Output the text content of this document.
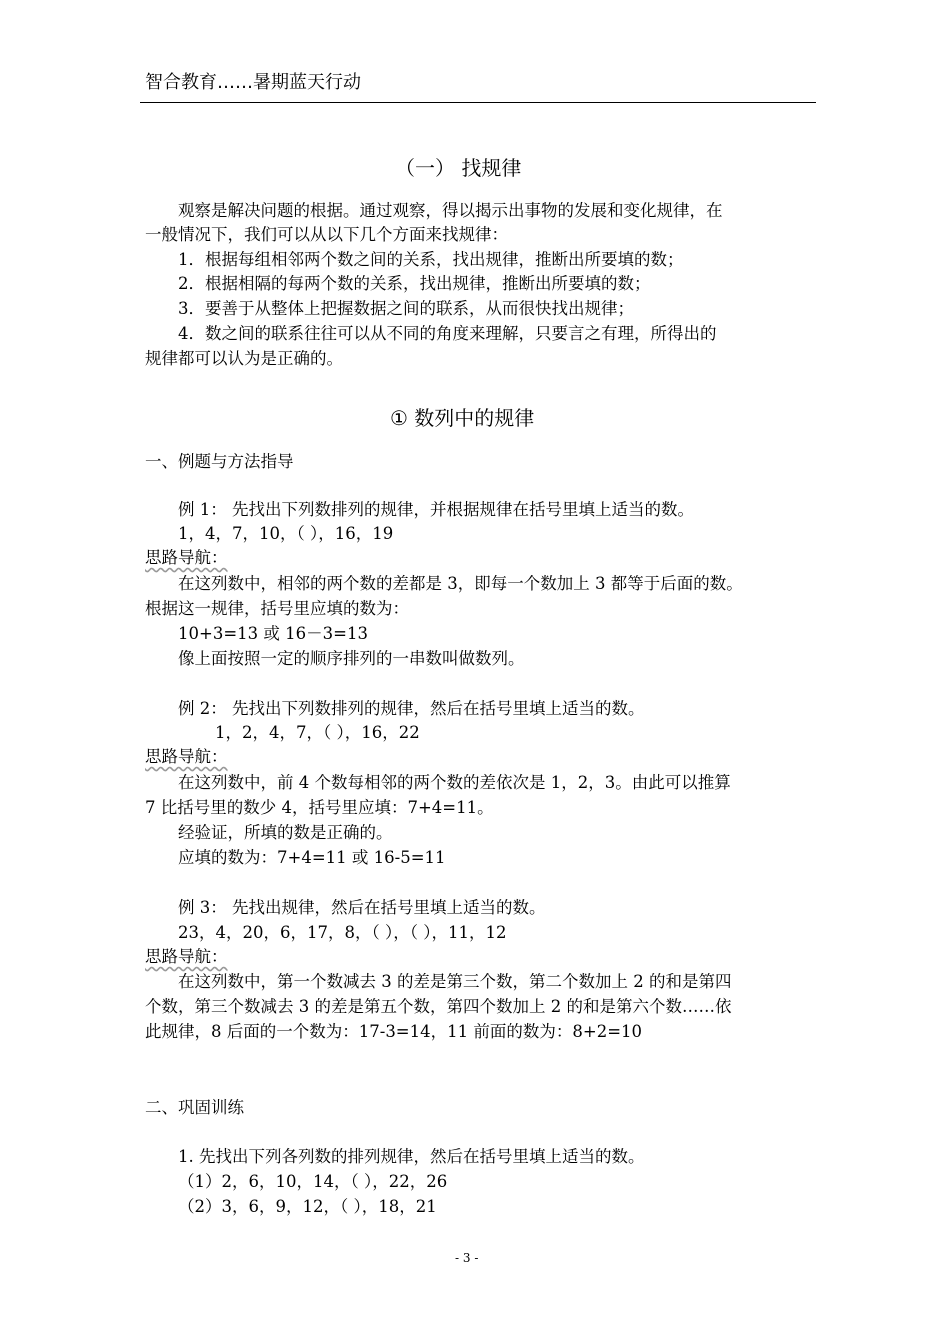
智合教育……暑期蓝天行动
（一） 找规律
观察是解决问题的根据。通过观察，得以揭示出事物的发展和变化规律，在
一般情况下，我们可以从以下几个方面来找规律：
1．根据每组相邻两个数之间的关系，找出规律，推断出所要填的数；
2．根据相隔的每两个数的关系，找出规律，推断出所要填的数；
3．要善于从整体上把握数据之间的联系，从而很快找出规律；
4．数之间的联系往往可以从不同的角度来理解，只要言之有理，所得出的
规律都可以认为是正确的。
① 数列中的规律
一、例题与方法指导
例 1： 先找出下列数排列的规律，并根据规律在括号里填上适当的数。
1，4，7，10，（ ），16，19
思路导航：
在这列数中，相邻的两个数的差都是 3，即每一个数加上 3 都等于后面的数。
根据这一规律，括号里应填的数为：
10+3=13 或 16－3=13
像上面按照一定的顺序排列的一串数叫做数列。
例 2： 先找出下列数排列的规律，然后在括号里填上适当的数。
1，2，4，7，（ ），16，22
思路导航：
在这列数中，前 4 个数每相邻的两个数的差依次是 1，2，3。由此可以推算
7 比括号里的数少 4，括号里应填：7+4=11。
经验证，所填的数是正确的。
应填的数为：7+4=11 或 16-5=11
例 3： 先找出规律，然后在括号里填上适当的数。
23，4，20，6，17，8，（ ），（ ），11，12
思路导航：
在这列数中，第一个数减去 3 的差是第三个数，第二个数加上 2 的和是第四
个数，第三个数减去 3 的差是第五个数，第四个数加上 2 的和是第六个数……依
此规律，8 后面的一个数为：17-3=14，11 前面的数为：8+2=10
二、巩固训练
1. 先找出下列各列数的排列规律，然后在括号里填上适当的数。
（1）2，6，10，14，（ ），22，26
（2）3，6，9，12，（ ），18，21
- 3 -
